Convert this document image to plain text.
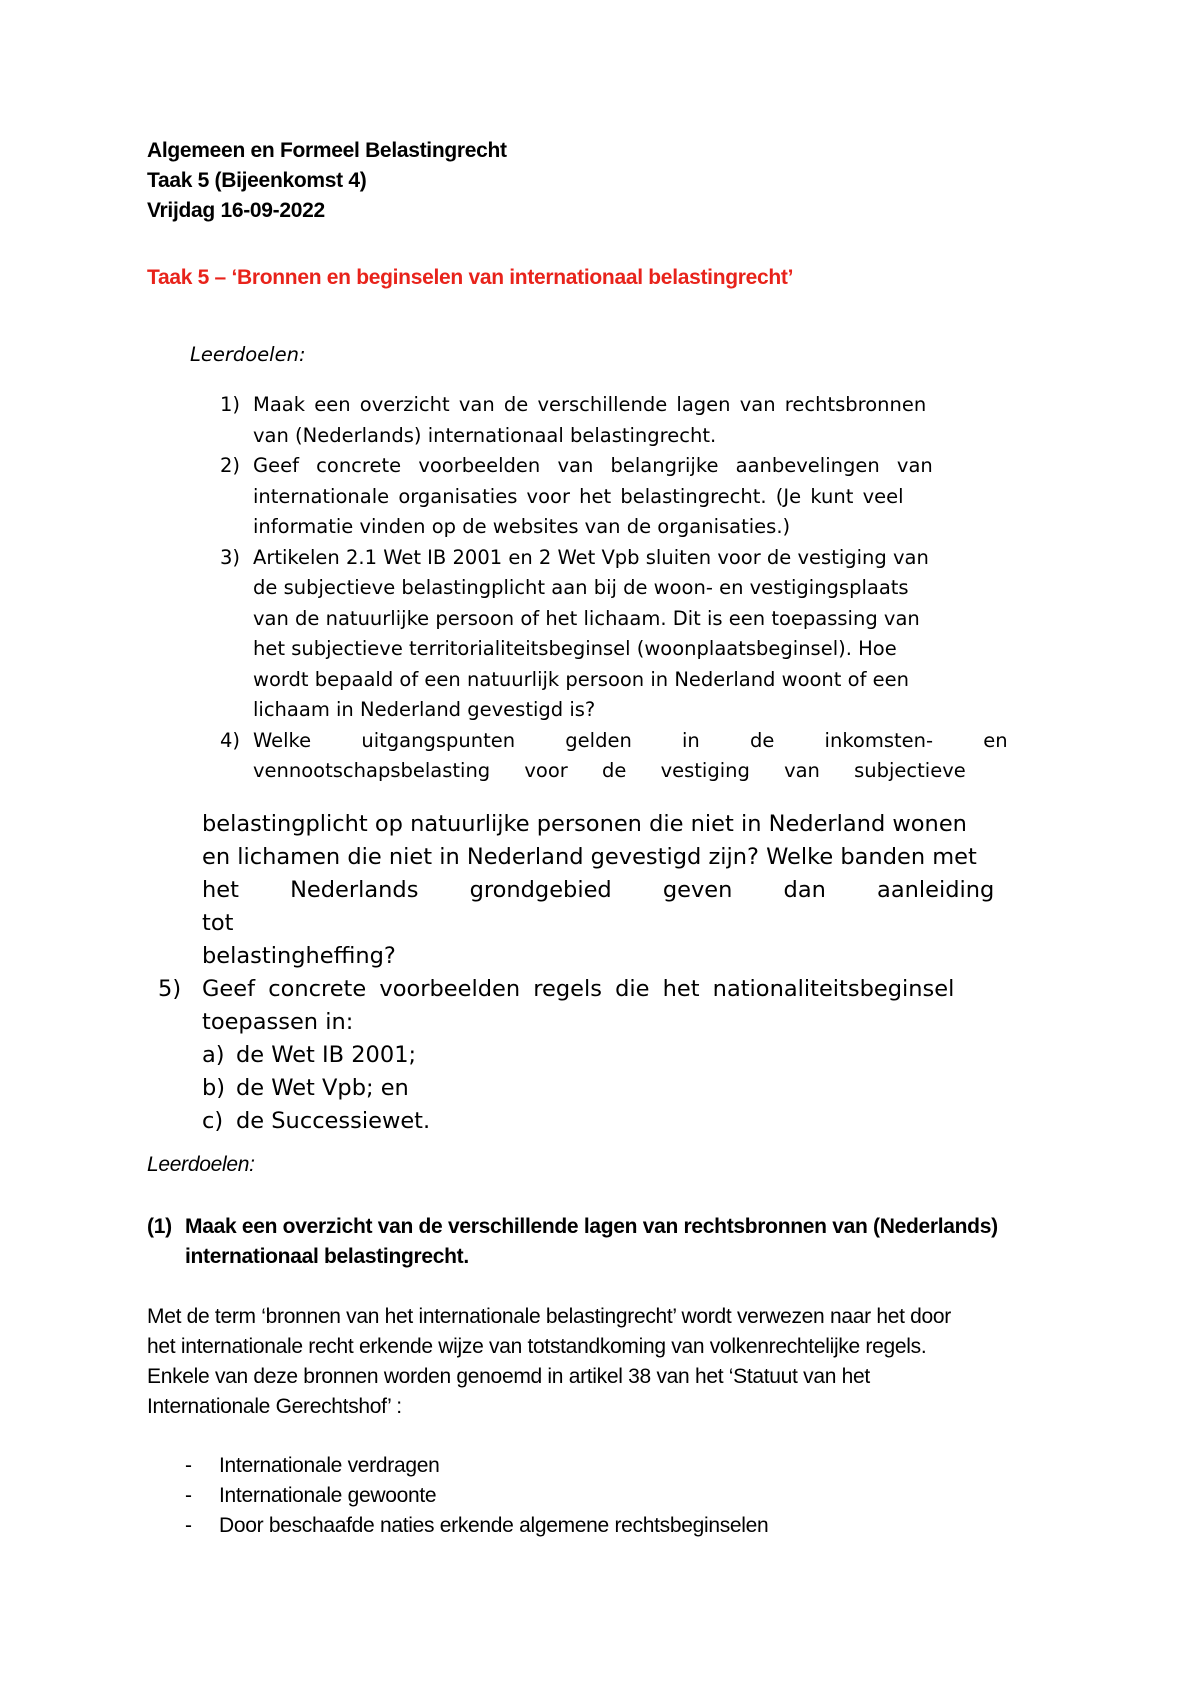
Algemeen en Formeel Belastingrecht
Taak 5 (Bijeenkomst 4)
Vrijdag 16-09-2022
Taak 5 – ‘Bronnen en beginselen van internationaal belastingrecht’
Leerdoelen:
1) Maak een overzicht van de verschillende lagen van rechtsbronnen
van (Nederlands) internationaal belastingrecht.
2) Geef concrete voorbeelden van belangrijke aanbevelingen van
internationale organisaties voor het belastingrecht. (Je kunt veel
informatie vinden op de websites van de organisaties.)
3) Artikelen 2.1 Wet IB 2001 en 2 Wet Vpb sluiten voor de vestiging van
de subjectieve belastingplicht aan bij de woon- en vestigingsplaats
van de natuurlijke persoon of het lichaam. Dit is een toepassing van
het subjectieve territorialiteitsbeginsel (woonplaatsbeginsel). Hoe
wordt bepaald of een natuurlijk persoon in Nederland woont of een
lichaam in Nederland gevestigd is?
4) Welke uitgangspunten gelden in de inkomsten- en
vennootschapsbelasting voor de vestiging van subjectieve
belastingplicht op natuurlijke personen die niet in Nederland wonen
en lichamen die niet in Nederland gevestigd zijn? Welke banden met
het Nederlands grondgebied geven dan aanleiding tot
belastingheffing?
5) Geef concrete voorbeelden regels die het nationaliteitsbeginsel
toepassen in:
a) de Wet IB 2001;
b) de Wet Vpb; en
c) de Successiewet.
Leerdoelen:
(1) Maak een overzicht van de verschillende lagen van rechtsbronnen van (Nederlands)
internationaal belastingrecht.
Met de term ‘bronnen van het internationale belastingrecht’ wordt verwezen naar het door
het internationale recht erkende wijze van totstandkoming van volkenrechtelijke regels.
Enkele van deze bronnen worden genoemd in artikel 38 van het ‘Statuut van het
Internationale Gerechtshof’ :
- Internationale verdragen
- Internationale gewoonte
- Door beschaafde naties erkende algemene rechtsbeginselen
